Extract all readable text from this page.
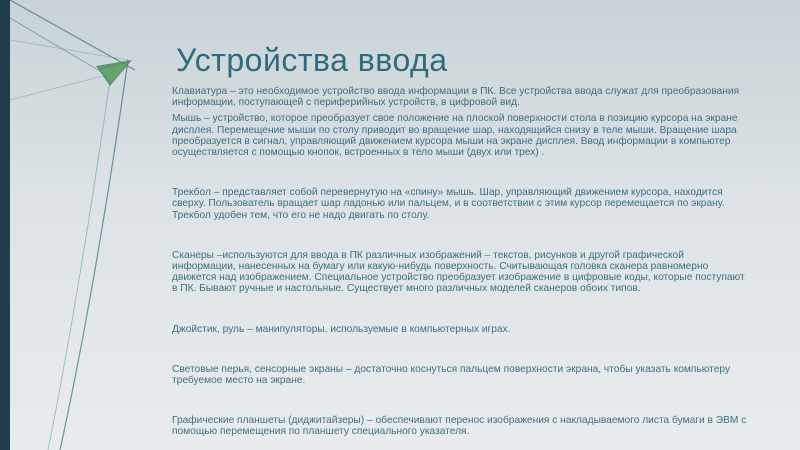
Устройства ввода

Клавиатура – это необходимое устройство ввода информации в ПК. Все устройства ввода служат для преобразования информации, поступающей с периферийных устройств, в цифровой вид.

Мышь – устройство, которое преобразует свое положение на плоской поверхности стола в позицию курсора на экране дисплея. Перемещение мыши по столу приводит во вращение шар, находящийся снизу в теле мыши. Вращение шара преобразуется в сигнал, управляющий движением курсора мыши на экране дисплея. Ввод информации в компьютер осуществляется с помощью кнопок, встроенных в тело мыши (двух или трех) .

Трекбол – представляет собой перевернутую на «спину» мышь. Шар, управляющий движением курсора, находится сверху. Пользователь вращает шар ладонью или пальцем, и в соответствии с этим курсор перемещается по экрану. Трекбол удобен тем, что его не надо двигать по столу.

Сканеры –используются для ввода в ПК различных изображений – текстов, рисунков и другой графической информации, нанесенных на бумагу или какую-нибудь поверхность. Считывающая головка сканера равномерно движется над изображением. Специальное устройство преобразует изображение в цифровые коды, которые поступают в ПК. Бывают ручные и настольные. Существует много различных моделей сканеров обоих типов.

Джойстик, руль – манипуляторы, используемые в компьютерных играх.

Световые перья, сенсорные экраны – достаточно коснуться пальцем поверхности экрана, чтобы указать компьютеру требуемое место на экране.

Графические планшеты (диджитайзеры) – обеспечивают перенос изображения с накладываемого листа бумаги в ЭВМ с помощью перемещения по планшету специального указателя.
